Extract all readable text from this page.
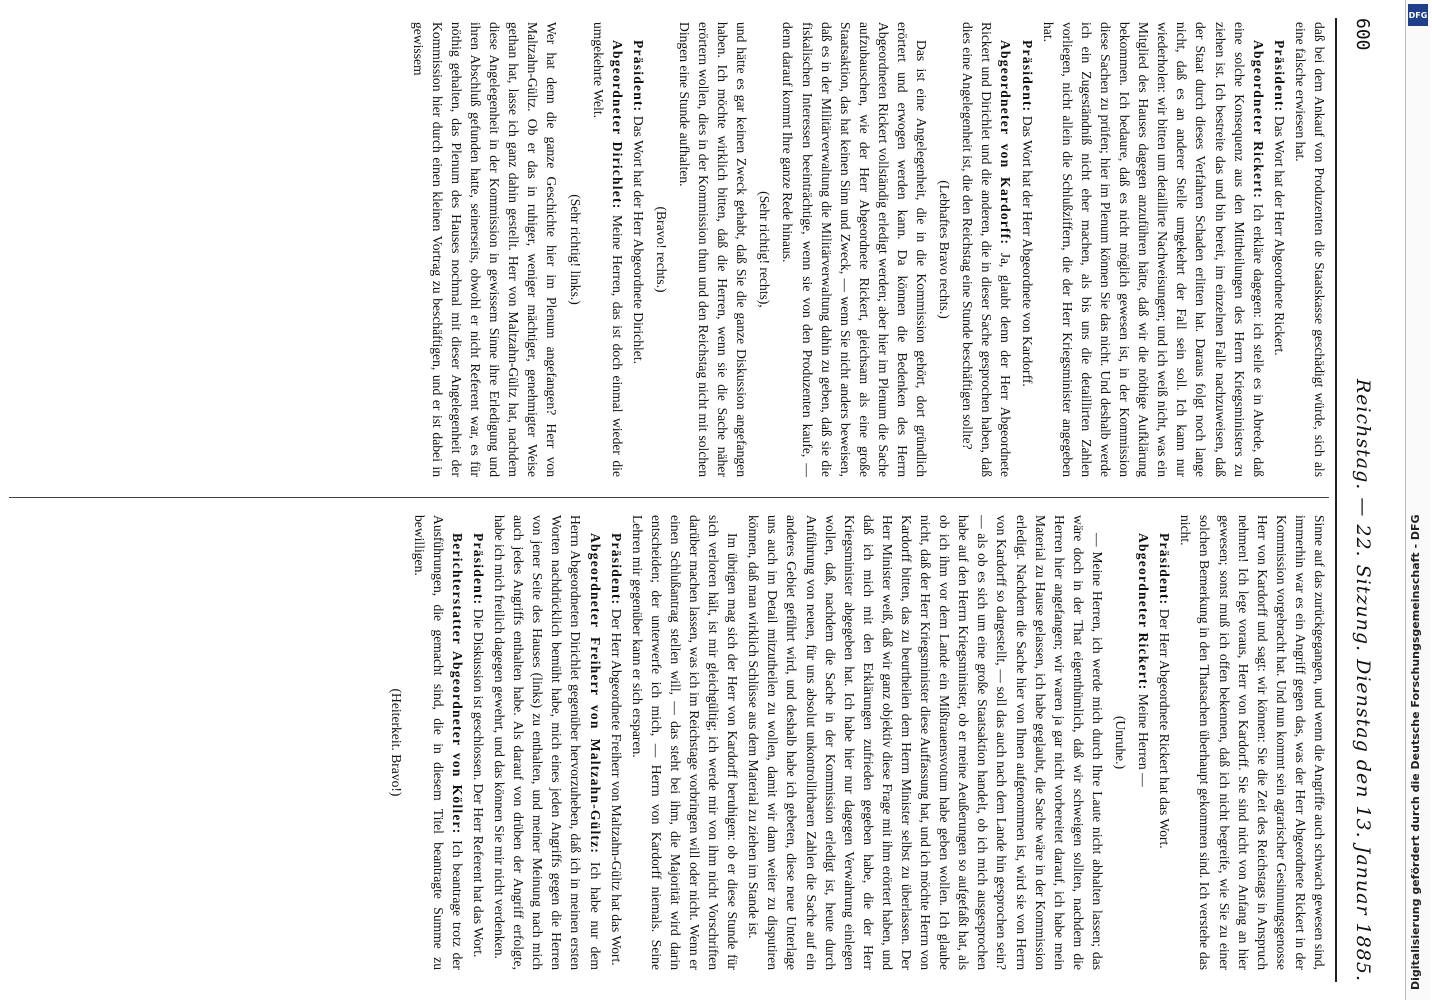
600
Reichstag. — 22. Sitzung. Dienstag den 13. Januar 1885.

daß bei dem Ankauf von Produzenten die Staatskasse geschädigt würde, sich als eine falsche erwiesen hat.

Präsident: Das Wort hat der Herr Abgeordnete Rickert.

Abgeordneter Rickert: Ich erkläre dagegen: ich stelle es in Abrede, daß eine solche Konsequenz aus den Mittheilungen des Herrn Kriegsministers zu ziehen ist. Ich bestreite das und bin bereit, im einzelnen Falle nachzuweisen, daß der Staat durch dieses Verfahren Schaden erlitten hat. Daraus folgt noch lange nicht, daß es an anderer Stelle umgekehrt der Fall sein soll. Ich kann nur wiederholen: wir bitten um detaillirte Nachweisungen; und ich weiß nicht, was ein Mitglied des Hauses dagegen anzuführen hätte, daß wir die nöthige Aufklärung bekommen. Ich bedaure, daß es nicht möglich gewesen ist, in der Kommission diese Sachen zu prüfen; hier im Plenum können Sie das nicht. Und deshalb werde ich ein Zugeständniß nicht eher machen, als bis uns die detaillirten Zahlen vorliegen, nicht allein die Schlußziffern, die der Herr Kriegsminister angegeben hat.

Präsident: Das Wort hat der Herr Abgeordnete von Kardorff.

Abgeordneter von Kardorff: Ja, glaubt denn der Herr Abgeordnete Rickert und Dirichlet und die anderen, die in dieser Sache gesprochen haben, daß dies eine Angelegenheit ist, die den Reichstag eine Stunde beschäftigen sollte?

(Lebhaftes Bravo rechts.)

Das ist eine Angelegenheit, die in die Kommission gehört, dort gründlich erörtert und erwogen werden kann. Da können die Bedenken des Herrn Abgeordneten Rickert vollständig erledigt werden; aber hier im Plenum die Sache aufzubauschen, wie der Herr Abgeordnete Rickert, gleichsam als eine große Staatsaktion, das hat keinen Sinn und Zweck, — wenn Sie nicht anders beweisen, daß es in der Militärverwaltung die Militärverwaltung dahin zu geben, daß sie die fiskalischen Interessen beeinträchtige, wenn sie von den Produzenten kaufe, — denn darauf kommt Ihre ganze Rede hinaus.

(Sehr richtig! rechts),

und hätte es gar keinen Zweck gehabt, daß Sie die ganze Diskussion angefangen haben. Ich möchte wirklich bitten, daß die Herren, wenn sie die Sache näher erörtern wollen, dies in der Kommission thun und den Reichstag nicht mit solchen Dingen eine Stunde aufhalten.

(Bravo! rechts.)

Präsident: Das Wort hat der Herr Abgeordnete Dirichlet.

Abgeordneter Dirichlet: Meine Herren, das ist doch einmal wieder die umgekehrte Welt.

(Sehr richtig! links.)

Wer hat denn die ganze Geschichte hier im Plenum angefangen? Herr von Maltzahn-Gültz. Ob er das in ruhiger, weniger mächtiger, genehmigter Weise gethan hat, lasse ich ganz dahin gestellt. Herr von Maltzahn-Gültz hat, nachdem diese Angelegenheit in der Kommission in gewissem Sinne ihre Erledigung und ihren Abschluß gefunden hatte, seinerseits, obwohl er nicht Referent war, es für nöthig gehalten, das Plenum des Hauses nochmal mit dieser Angelegenheit der Kommission hier durch einen kleinen Vortrag zu beschäftigen, und er ist dabei in gewissem

Sinne auf das zurückgegangen, und wenn die Angriffe auch schwach gewesen sind, immerhin war es ein Angriff gegen das, was der Herr Abgeordnete Rickert in der Kommission vorgebracht hat. Und nun kommt sein agrarischer Gesinnungsgenosse Herr von Kardorff und sagt: wir können: Sie die Zeit des Reichstags in Anspruch nehmen! Ich lege voraus, Herr von Kardorff. Sie sind nicht von Anfang an hier gewesen; sonst muß ich offen bekennen, daß ich nicht begreife, wie Sie zu einer solchen Bemerkung in den Thatsachen überhaupt gekommen sind. Ich verstehe das nicht.

Präsident: Der Herr Abgeordnete Rickert hat das Wort.

Abgeordneter Rickert: Meine Herren —

(Unruhe.)

— Meine Herren, ich werde mich durch Ihre Laute nicht abhalten lassen; das wäre doch in der That eigenthümlich, daß wir schweigen sollten, nachdem die Herren hier angefangen; wir waren ja gar nicht vorbereitet darauf, ich habe mein Material zu Hause gelassen, ich habe geglaubt, die Sache wäre in der Kommission erledigt. Nachdem die Sache hier von Ihnen aufgenommen ist, wird sie von Herrn von Kardorff so dargestellt, — soll das auch nach dem Lande hin gesprochen sein? — als ob es sich um eine große Staatsaktion handelt, ob ich mich ausgesprochen habe auf den Herrn Kriegsminister, ob er meine Aeußerungen so aufgefaßt hat, als ob ich ihm vor dem Lande ein Mißtrauensvotum habe geben wollen. Ich glaube nicht, daß der Herr Kriegsminister diese Auffassung hat, und ich möchte Herrn von Kardorff bitten, das zu beurtheilen dem Herrn Minister selbst zu überlassen. Der Herr Minister weiß, daß wir ganz objektiv diese Frage mit ihm erörtert haben, und daß ich mich mit den Erklärungen zufrieden gegeben habe, die der Herr Kriegsminister abgegeben hat. Ich habe hier nur dagegen Verwahrung einlegen wollen, daß, nachdem die Sache in der Kommission erledigt ist, heute durch Anführung von neuen, für uns absolut unkontrollirbaren Zahlen die Sache auf ein anderes Gebiet geführt wird, und deshalb habe ich gebeten, diese neue Unterlage uns auch im Detail mitzutheilen zu wollen, damit wir dann weiter zu disputiren können, daß man wirklich Schlüsse aus dem Material zu ziehen im Stande ist.

Im übrigen mag sich der Herr von Kardorff beruhigen: ob er diese Stunde für sich verloren hält, ist mir gleichgültig; ich werde mir von ihm nicht Vorschriften darüber machen lassen, was ich im Reichstage vorbringen will oder nicht. Wenn er einen Schlußantrag stellen will, — das steht bei ihm, die Majorität wird darin entscheiden; der unterwerfe ich mich, — Herrn von Kardorff niemals. Seine Lehren mir gegenüber kann er sich ersparen.

Präsident: Der Herr Abgeordnete Freiherr von Maltzahn-Gültz hat das Wort.

Abgeordneter Freiherr von Maltzahn-Gültz: Ich habe nur dem Herrn Abgeordneten Dirichlet gegenüber hervorzuheben, daß ich in meinen ersten Worten nachdrücklich bemüht habe, mich eines jeden Angriffs gegen die Herren von jener Seite des Hauses (links) zu enthalten, und meiner Meinung nach mich auch jedes Angriffs enthalten habe. Als darauf von drüben der Angriff erfolgte, habe ich mich freilich dagegen gewehrt, und das können Sie mir nicht verdenken.

Präsident: Die Diskussion ist geschlossen. Der Herr Referent hat das Wort.

Berichterstatter Abgeordneter von Köller: Ich beantrage trotz der Ausführungen, die gemacht sind, die in diesem Titel beantragte Summe zu bewilligen.

(Heiterkeit. Bravo!)	Digitalisierung gefördert durch die Deutsche Forschungsgemeinschaft - DFG
DFG
